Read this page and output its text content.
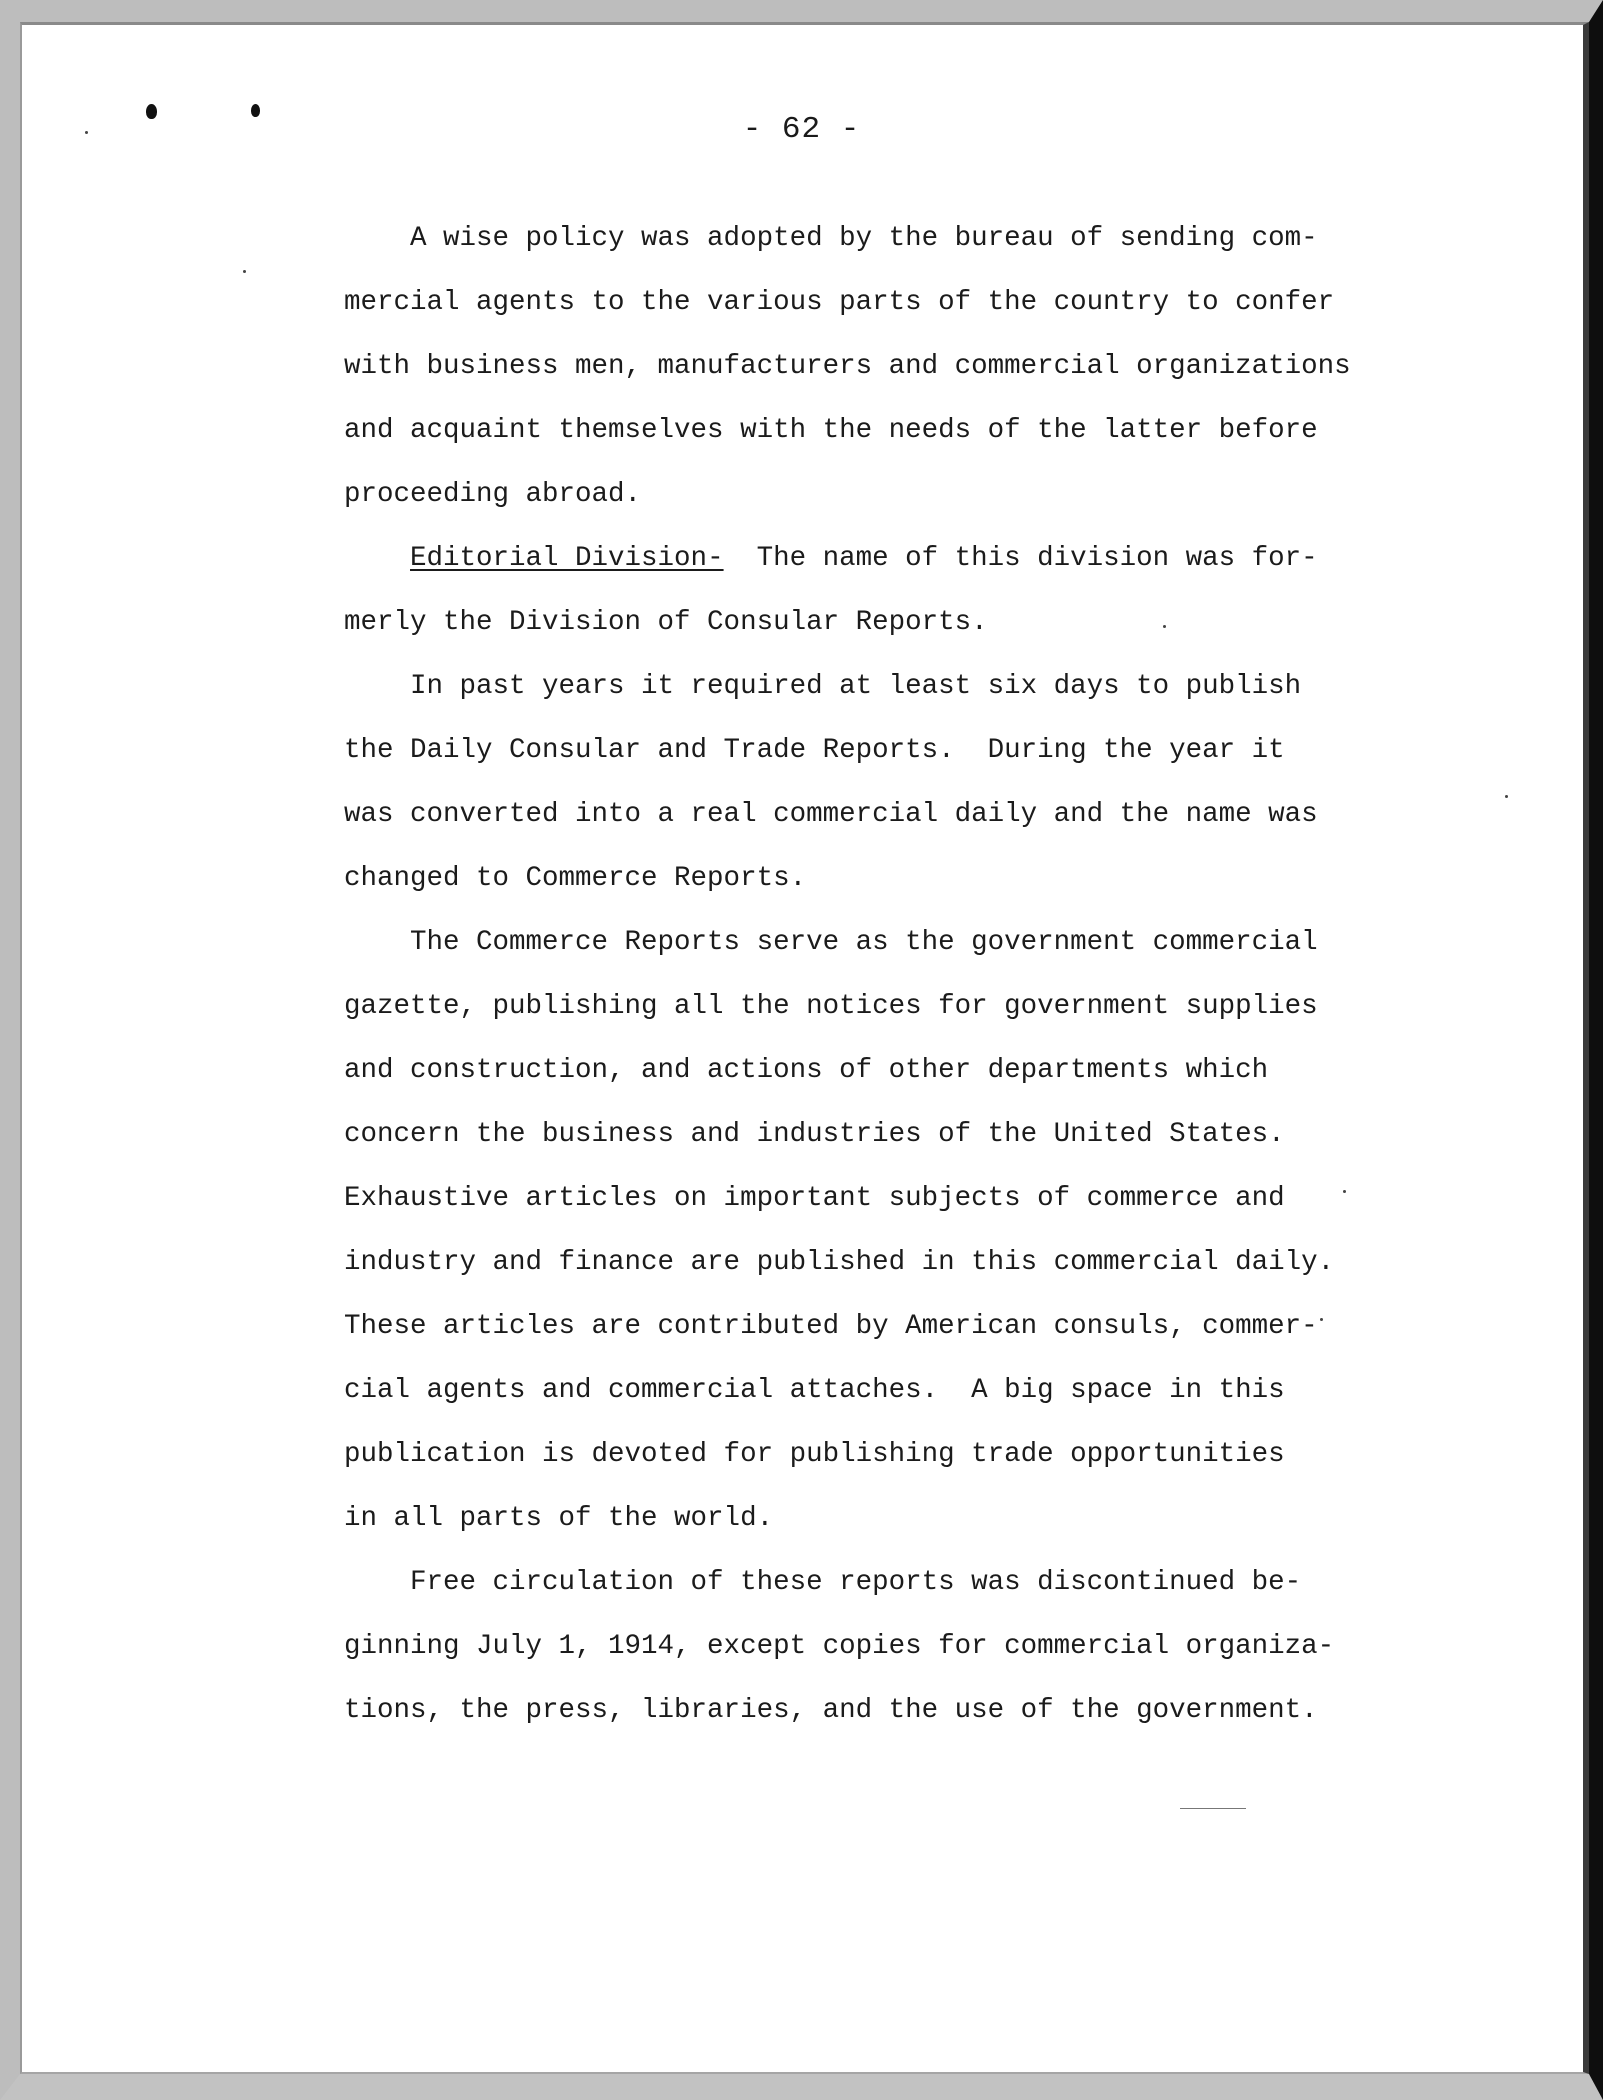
- 62 -
A wise policy was adopted by the bureau of sending com-
mercial agents to the various parts of the country to confer
with business men, manufacturers and commercial organizations
and acquaint themselves with the needs of the latter before
proceeding abroad.
Editorial Division-  The name of this division was for-
merly the Division of Consular Reports.
In past years it required at least six days to publish
the Daily Consular and Trade Reports.  During the year it
was converted into a real commercial daily and the name was
changed to Commerce Reports.
The Commerce Reports serve as the government commercial
gazette, publishing all the notices for government supplies
and construction, and actions of other departments which
concern the business and industries of the United States.
Exhaustive articles on important subjects of commerce and
industry and finance are published in this commercial daily.
These articles are contributed by American consuls, commer-
cial agents and commercial attaches.  A big space in this
publication is devoted for publishing trade opportunities
in all parts of the world.
Free circulation of these reports was discontinued be-
ginning July 1, 1914, except copies for commercial organiza-
tions, the press, libraries, and the use of the government.
